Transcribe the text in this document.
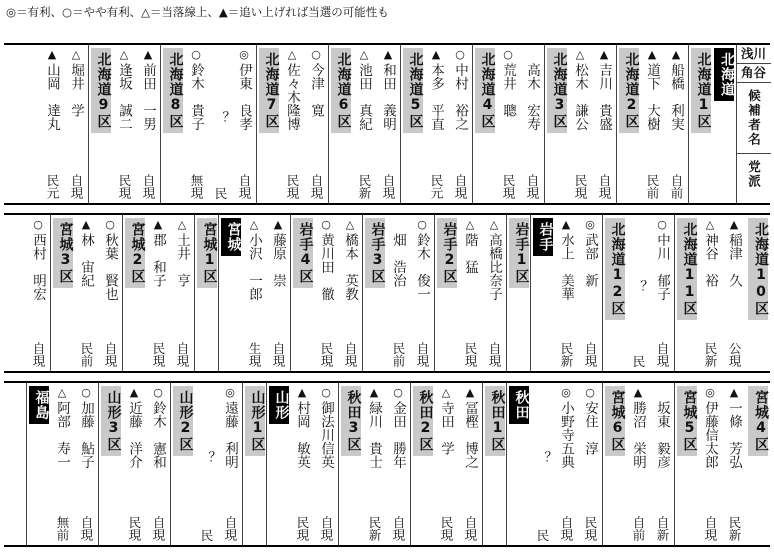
◎＝有利、○＝やや有利、△＝当落線上、▲＝追い上げれば当選の可能性も
浅川
角谷
候補者名
党派
北海道
北海道1区
▲
船橋　利実
自前
▲
道下　大樹
民前
北海道2区
▲
吉川　貴盛
自現
△
松木　謙公
民現
北海道3区
高木　宏寿
自現
○
荒井　聰
民現
北海道4区
○
中村　裕之
自現
▲
本多　平直
民元
北海道5区
▲
和田　義明
自現
△
池田　真紀
民新
北海道6区
○
今津　寛
自現
△
佐々木隆博
民現
北海道7区
◎
伊東　良孝
自現
？
民
○
鈴木　貴子
無現
北海道8区
▲
前田　一男
自現
△
逢坂　誠二
民現
北海道9区
△
堀井　学
自現
▲
山岡　達丸
民元
北海道10区
▲
稲津　久
公現
△
神谷　裕
民新
北海道11区
○
中川　郁子
自現
？
民
北海道12区
◎
武部　新
自現
▲
水上　美華
民新
岩手
岩手1区
△
高橋比奈子
自現
△
階　猛
民現
岩手2区
○
鈴木　俊一
自現
畑　浩治
民前
岩手3区
△
橋本　英教
自現
○
黄川田　徹
民現
岩手4区
▲
藤原　崇
自現
△
小沢　一郎
生現
宮城
宮城1区
△
土井　亨
自現
▲
郡　和子
民現
宮城2区
○
秋葉　賢也
自現
▲
林　宙紀
民前
宮城3区
○
西村　明宏
自現
宮城4区
▲
一條　芳弘
民新
◎
伊藤信太郎
自現
宮城5区
坂東　毅彦
自新
▲
勝沼　栄明
自前
宮城6区
○
安住　淳
民現
◎
小野寺五典
自現
？
民
秋田
秋田1区
▲
冨樫　博之
自現
△
寺田　学
民現
秋田2区
○
金田　勝年
自現
▲
緑川　貴士
民新
秋田3区
○
御法川信英
自現
▲
村岡　敏英
民現
山形
山形1区
◎
遠藤　利明
自現
？
民
山形2区
○
鈴木　憲和
自現
▲
近藤　洋介
民現
山形3区
○
加藤　鮎子
自現
△
阿部　寿一
無前
福島
